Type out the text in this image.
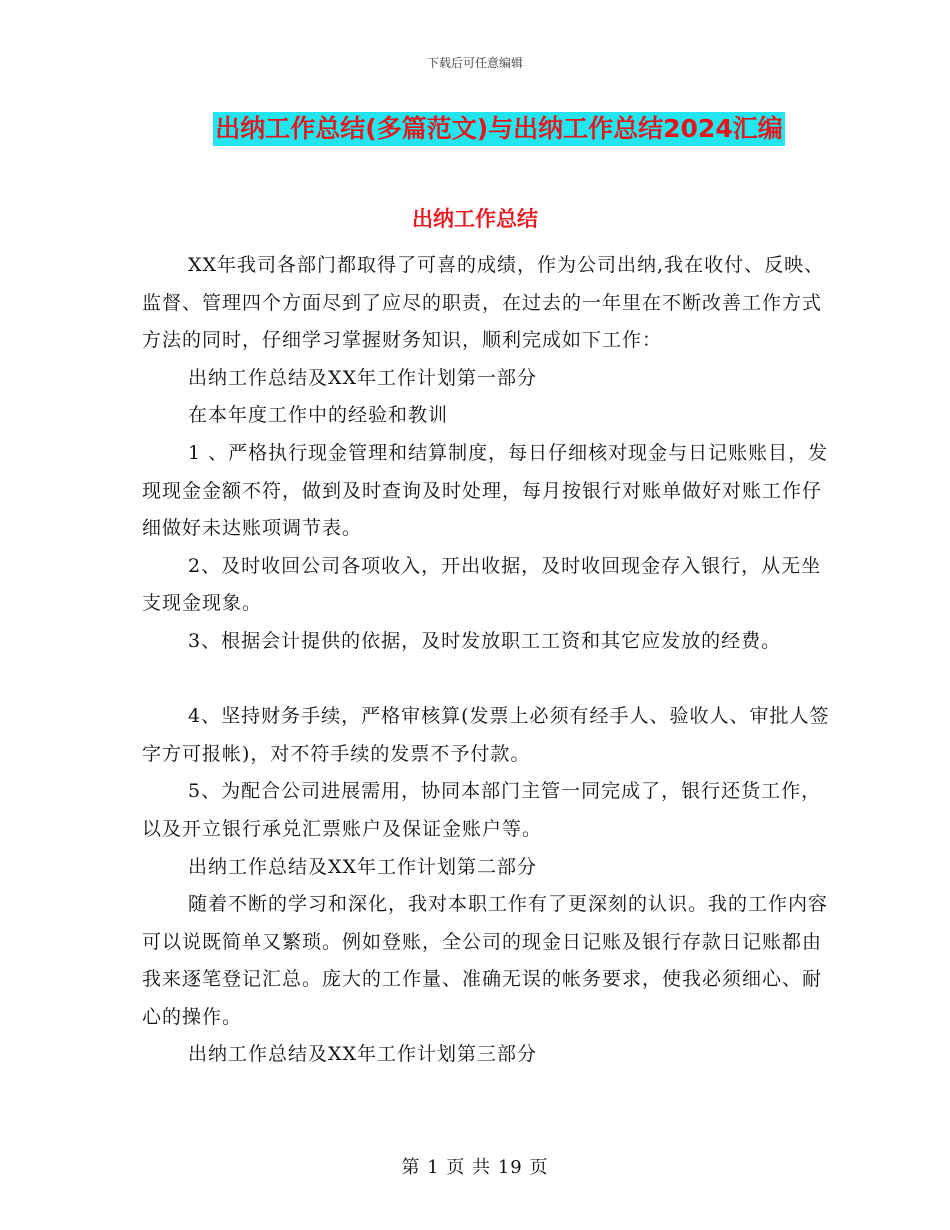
下载后可任意编辑
出纳工作总结(多篇范文)与出纳工作总结2024汇编
出纳工作总结

XX年我司各部门都取得了可喜的成绩，作为公司出纳,我在收付、反映、监督、管理四个方面尽到了应尽的职责，在过去的一年里在不断改善工作方式方法的同时，仔细学习掌握财务知识，顺利完成如下工作：

出纳工作总结及XX年工作计划第一部分

在本年度工作中的经验和教训

1 、严格执行现金管理和结算制度，每日仔细核对现金与日记账账目，发现现金金额不符，做到及时查询及时处理，每月按银行对账单做好对账工作仔细做好未达账项调节表。

2、及时收回公司各项收入，开出收据，及时收回现金存入银行，从无坐支现金现象。

3、根据会计提供的依据，及时发放职工工资和其它应发放的经费。

4、坚持财务手续，严格审核算(发票上必须有经手人、验收人、审批人签字方可报帐)，对不符手续的发票不予付款。

5、为配合公司进展需用，协同本部门主管一同完成了，银行还货工作，以及开立银行承兑汇票账户及保证金账户等。

出纳工作总结及XX年工作计划第二部分

随着不断的学习和深化，我对本职工作有了更深刻的认识。我的工作内容可以说既简单又繁琐。例如登账，全公司的现金日记账及银行存款日记账都由我来逐笔登记汇总。庞大的工作量、准确无误的帐务要求，使我必须细心、耐心的操作。

出纳工作总结及XX年工作计划第三部分

第 1 页 共 19 页
